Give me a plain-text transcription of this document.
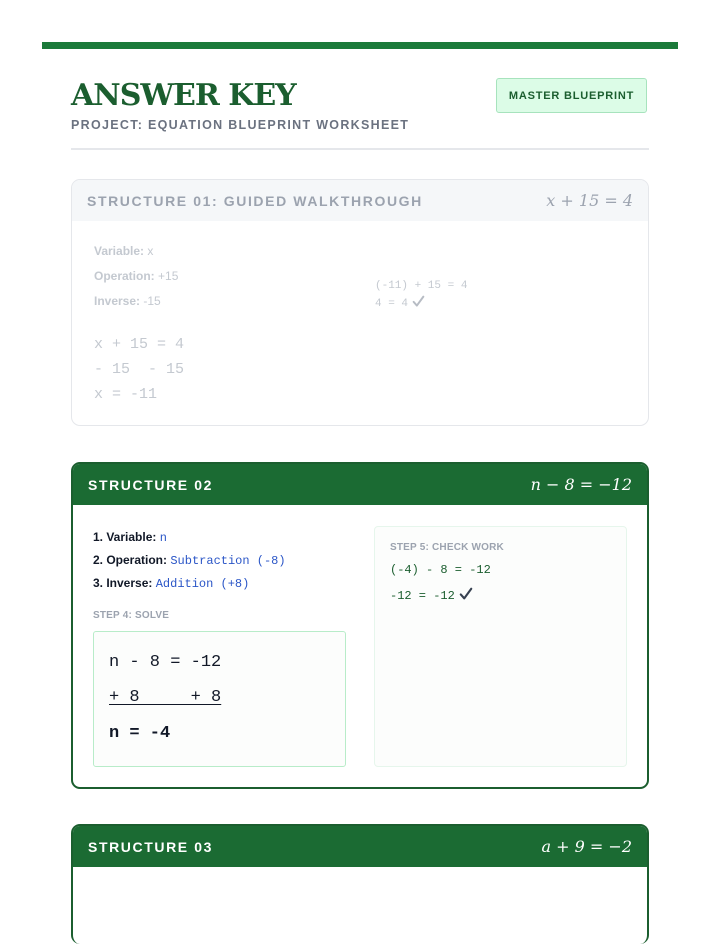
ANSWER KEY
PROJECT: EQUATION BLUEPRINT WORKSHEET
MASTER BLUEPRINT
STRUCTURE 01: GUIDED WALKTHROUGH	x + 15 = 4
Variable: x
Operation: +15
Inverse: -15
x + 15 = 4
- 15  - 15
x = -11
(-11) + 15 = 4
4 = 4
STRUCTURE 02	n − 8 = −12
1. Variable: n
2. Operation: Subtraction (-8)
3. Inverse: Addition (+8)
STEP 4: SOLVE
n - 8 = -12
+ 8     + 8
n = -4
STEP 5: CHECK WORK
(-4) - 8 = -12
-12 = -12
STRUCTURE 03	a + 9 = −2
